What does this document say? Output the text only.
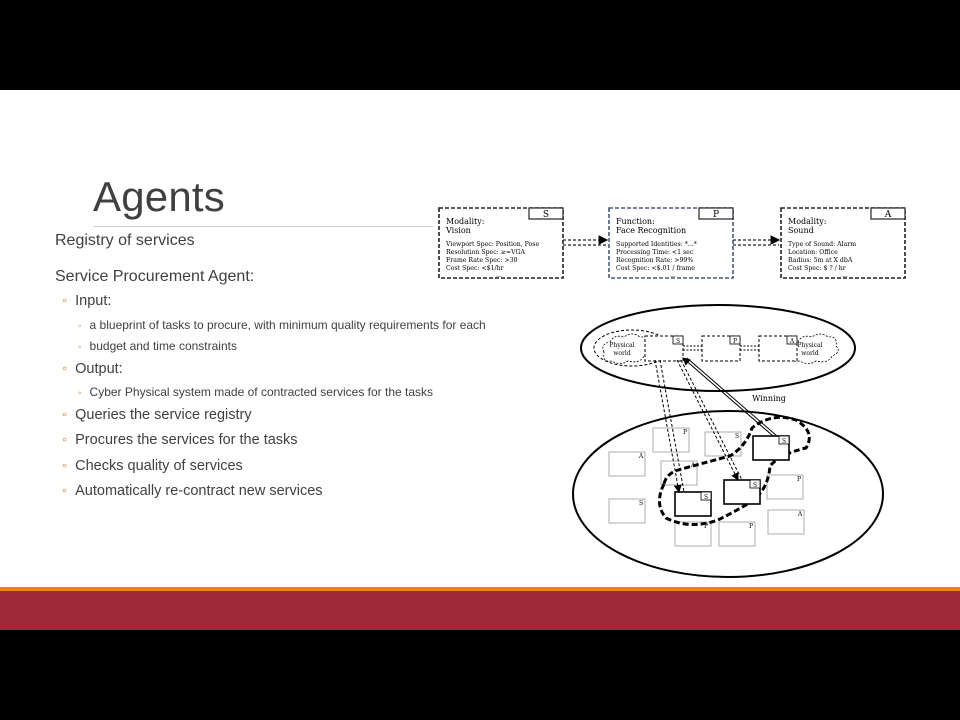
Agents
Registry of services
Service Procurement Agent:
◦ Input:
◦ a blueprint of tasks to procure, with minimum quality requirements for each
◦ budget and time constraints
◦ Output:
◦ Cyber Physical system made of contracted services for the tasks
◦ Queries the service registry
◦ Procures the services for the tasks
◦ Checks quality of services
◦ Automatically re-contract new services
S
Modality:
Vision
Viewport Spec: Position, Pose
Resolution Spec: ≥=VGA
Frame Rate Spec: >30
Cost Spec: <$1/hr
...
P
Function:
Face Recognition
Supported Identities: *...*
Processing Time: <1 sec
Recognition Rate: >99%
Cost Spec: <$.01 / frame
...
A
Modality:
Sound
Type of Sound: Alarm
Location: Office
Radius: 5m at X dbA
Cost Spec: $ ? / hr
...
Physical
world
Physical
world
S	P	A
Winning
P
S
A
A
P
S
P	P
A
S
S
S
